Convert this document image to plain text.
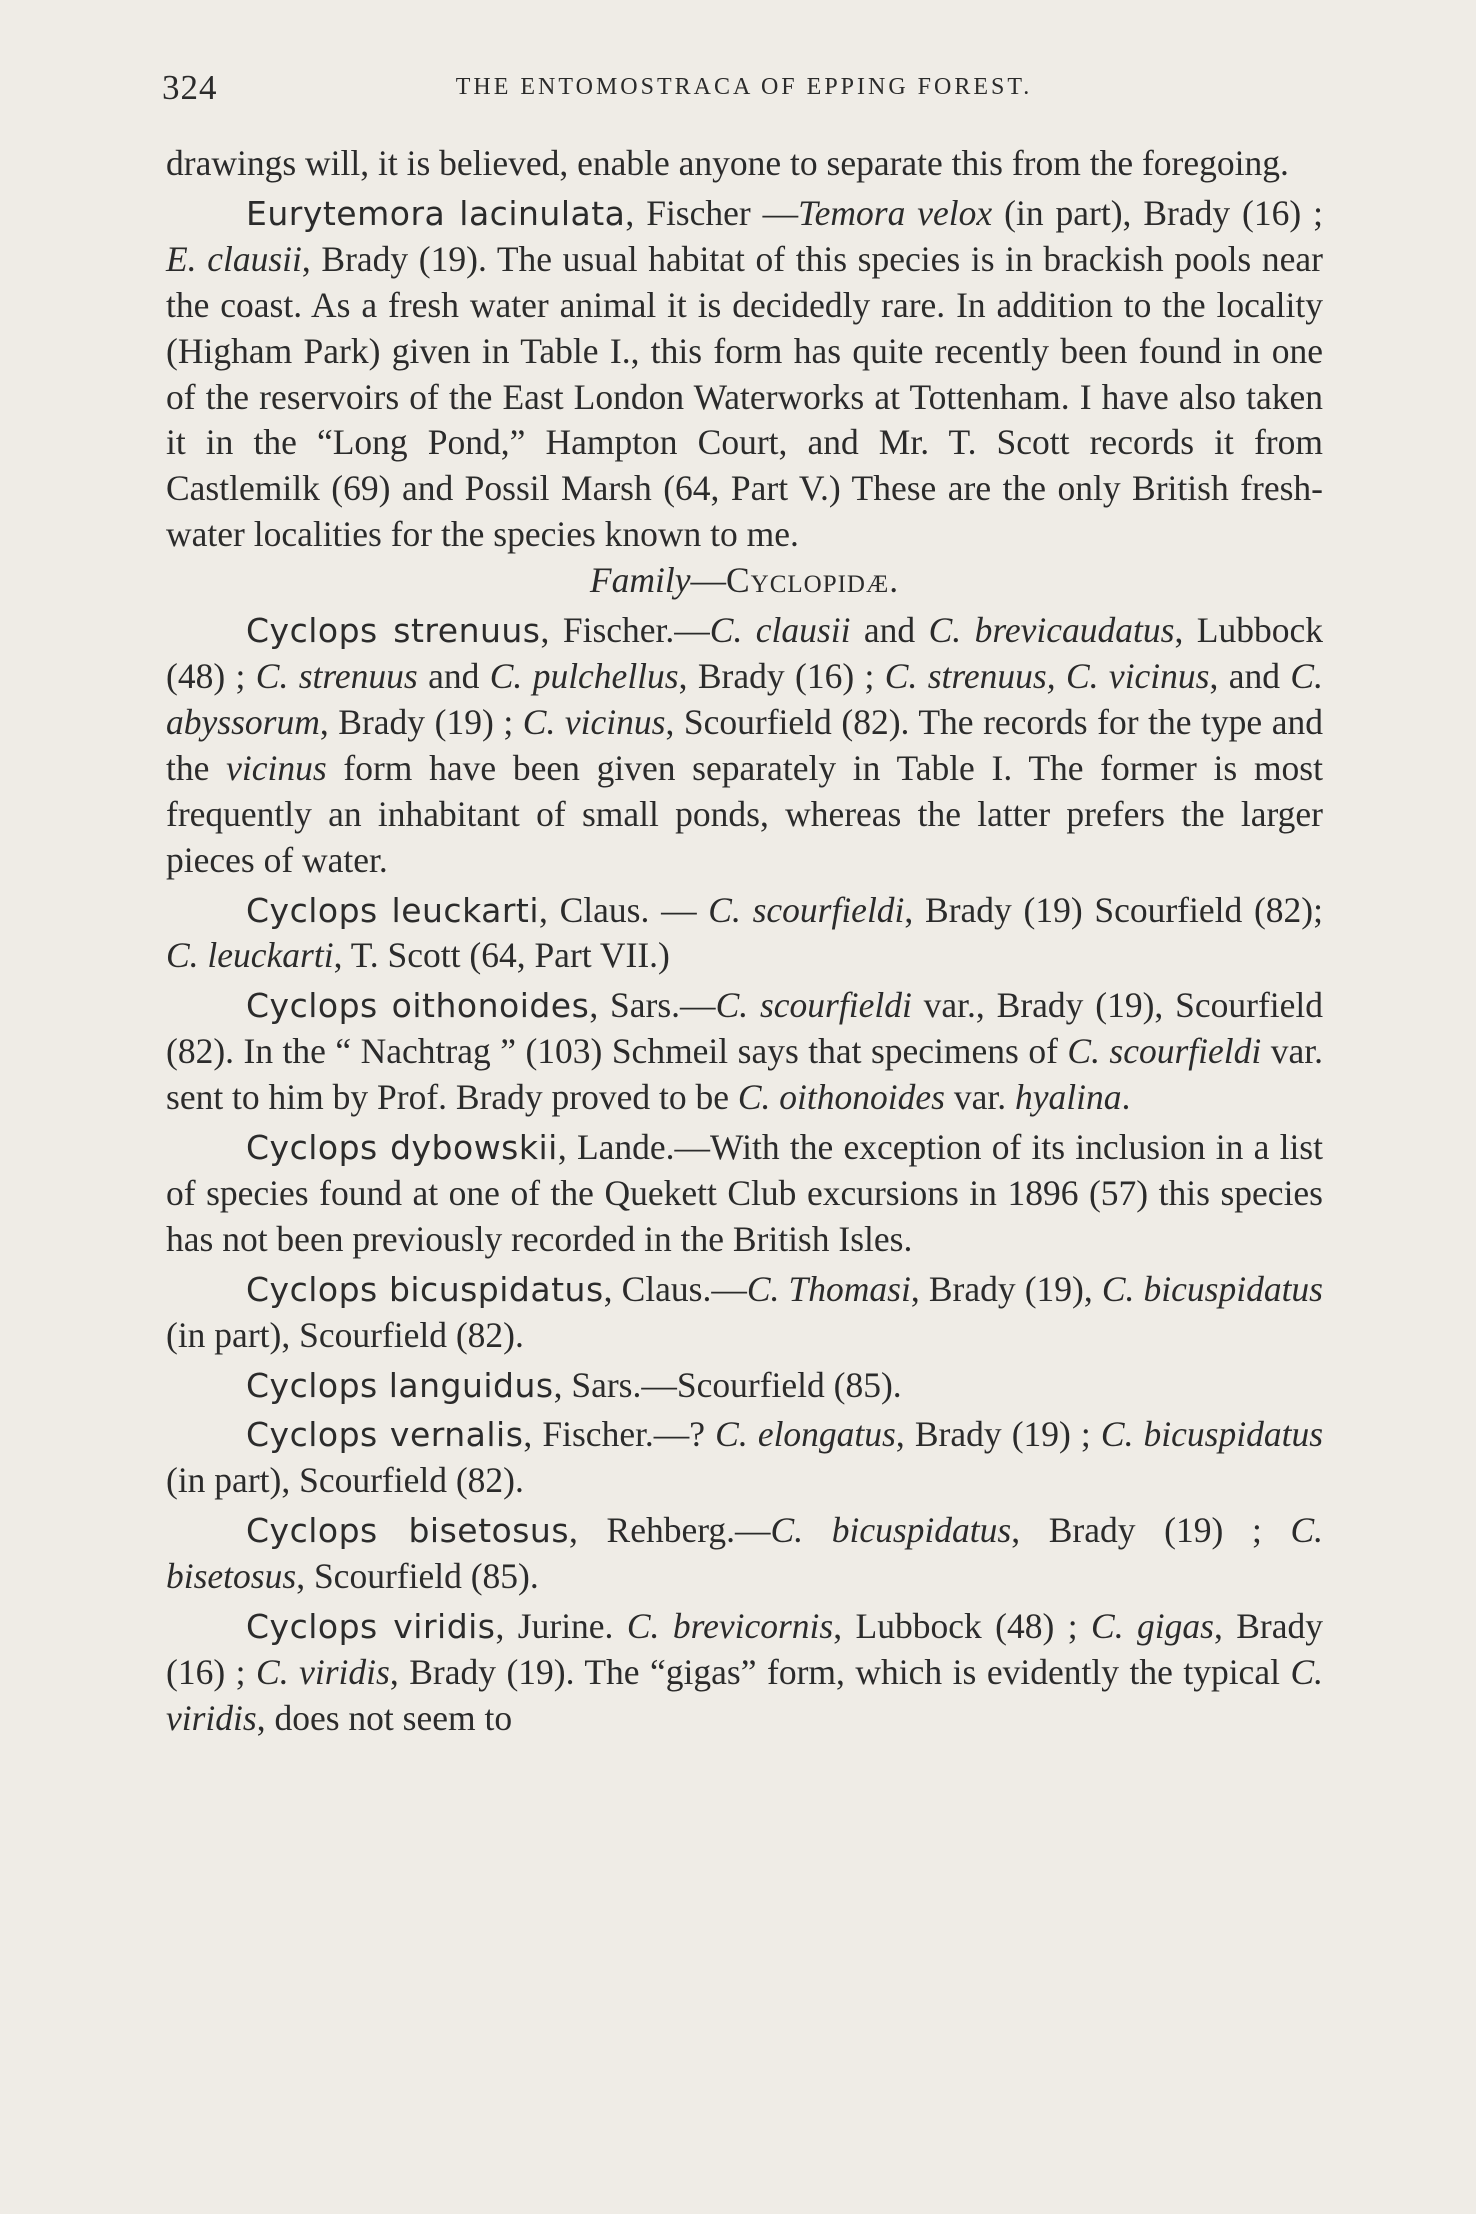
324	THE ENTOMOSTRACA OF EPPING FOREST.

drawings will, it is believed, enable anyone to separate this from the foregoing.

Eurytemora lacinulata, Fischer —Temora velox (in part), Brady (16) ; E. clausii, Brady (19). The usual habitat of this species is in brackish pools near the coast. As a fresh water animal it is decidedly rare. In addition to the locality (Higham Park) given in Table I., this form has quite recently been found in one of the reservoirs of the East London Waterworks at Tottenham. I have also taken it in the “Long Pond,” Hampton Court, and Mr. T. Scott records it from Castlemilk (69) and Possil Marsh (64, Part V.) These are the only British fresh-water localities for the species known to me.

Family—Cyclopidæ.

Cyclops strenuus, Fischer.—C. clausii and C. brevicaudatus, Lubbock (48) ; C. strenuus and C. pulchellus, Brady (16) ; C. strenuus, C. vicinus, and C. abyssorum, Brady (19) ; C. vicinus, Scourfield (82). The records for the type and the vicinus form have been given separately in Table I. The former is most frequently an inhabitant of small ponds, whereas the latter prefers the larger pieces of water.

Cyclops leuckarti, Claus. — C. scourfieldi, Brady (19) Scourfield (82); C. leuckarti, T. Scott (64, Part VII.)

Cyclops oithonoides, Sars.—C. scourfieldi var., Brady (19), Scourfield (82). In the “ Nachtrag ” (103) Schmeil says that specimens of C. scourfieldi var. sent to him by Prof. Brady proved to be C. oithonoides var. hyalina.

Cyclops dybowskii, Lande.—With the exception of its inclusion in a list of species found at one of the Quekett Club excursions in 1896 (57) this species has not been previously recorded in the British Isles.

Cyclops bicuspidatus, Claus.—C. Thomasi, Brady (19), C. bicuspidatus (in part), Scourfield (82).

Cyclops languidus, Sars.—Scourfield (85).

Cyclops vernalis, Fischer.—? C. elongatus, Brady (19) ; C. bicuspidatus (in part), Scourfield (82).

Cyclops bisetosus, Rehberg.—C. bicuspidatus, Brady (19) ; C. bisetosus, Scourfield (85).

Cyclops viridis, Jurine. C. brevicornis, Lubbock (48) ; C. gigas, Brady (16) ; C. viridis, Brady (19). The “gigas” form, which is evidently the typical C. viridis, does not seem to
